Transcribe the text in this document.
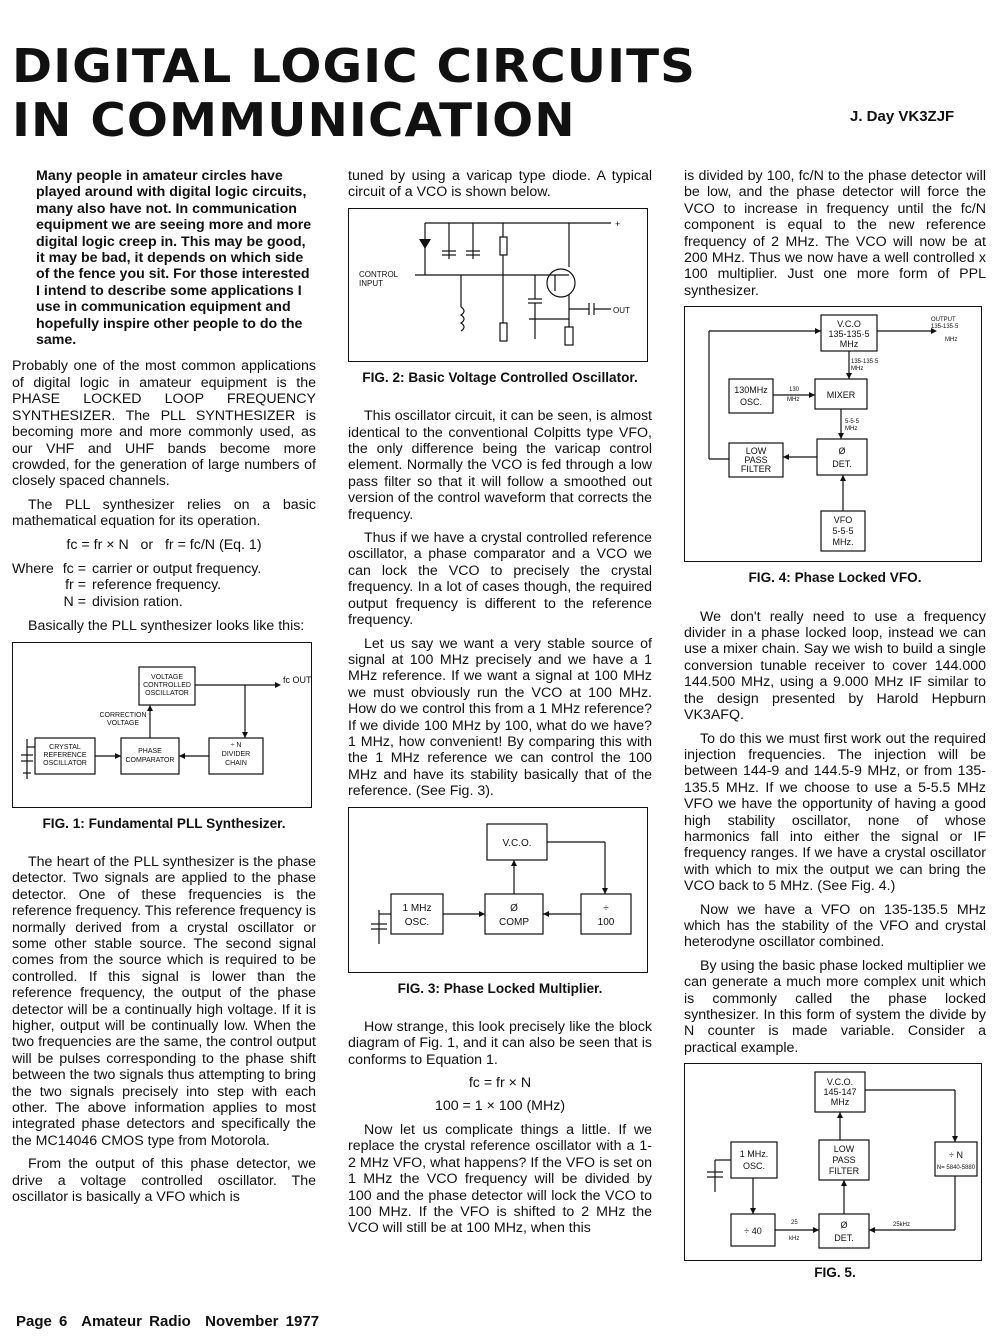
DIGITAL LOGIC CIRCUITS
IN COMMUNICATION	J. Day VK3ZJF

Many people in amateur circles have played around with digital logic circuits, many also have not. In communication equipment we are seeing more and more digital logic creep in. This may be good, it may be bad, it depends on which side of the fence you sit. For those interested I intend to describe some applications I use in communication equipment and hopefully inspire other people to do the same.

Probably one of the most common applications of digital logic in amateur equipment is the PHASE LOCKED LOOP FREQUENCY SYNTHESIZER. The PLL SYNTHESIZER is becoming more and more commonly used, as our VHF and UHF bands become more crowded, for the generation of large numbers of closely spaced channels.

The PLL synthesizer relies on a basic mathematical equation for its operation.

fc = fr × N   or   fr = fc/N (Eq. 1)

Where fc = carrier or output frequency.
fr = reference frequency.
N = division ration.

Basically the PLL synthesizer looks like this:

VOLTAGE
CONTROLLED
OSCILLATOR
CRYSTAL
REFERENCE
OSCILLATOR
PHASE
COMPARATOR
÷ N
DIVIDER
CHAIN
CORRECTION
VOLTAGE
fc OUT

FIG. 1: Fundamental PLL Synthesizer.

The heart of the PLL synthesizer is the phase detector. Two signals are applied to the phase detector. One of these frequencies is the reference frequency. This reference frequency is normally derived from a crystal oscillator or some other stable source. The second signal comes from the source which is required to be controlled. If this signal is lower than the reference frequency, the output of the phase detector will be a continually high voltage. If it is higher, output will be continually low. When the two frequencies are the same, the control output will be pulses corresponding to the phase shift between the two signals thus attempting to bring the two signals precisely into step with each other. The above information applies to most integrated phase detectors and specifically the the MC14046 CMOS type from Motorola.

From the output of this phase detector, we drive a voltage controlled oscillator. The oscillator is basically a VFO which is

tuned by using a varicap type diode. A typical circuit of a VCO is shown below.

CONTROL
INPUT
OUT
+

FIG. 2: Basic Voltage Controlled Oscillator.

This oscillator circuit, it can be seen, is almost identical to the conventional Colpitts type VFO, the only difference being the varicap control element. Normally the VCO is fed through a low pass filter so that it will follow a smoothed out version of the control waveform that corrects the frequency.

Thus if we have a crystal controlled reference oscillator, a phase comparator and a VCO we can lock the VCO to precisely the crystal frequency. In a lot of cases though, the required output frequency is different to the reference frequency.

Let us say we want a very stable source of signal at 100 MHz precisely and we have a 1 MHz reference. If we want a signal at 100 MHz we must obviously run the VCO at 100 MHz. How do we control this from a 1 MHz reference? If we divide 100 MHz by 100, what do we have? 1 MHz, how convenient! By comparing this with the 1 MHz reference we can control the 100 MHz and have its stability basically that of the reference. (See Fig. 3).

V.C.O.
1 MHz
OSC.
Ø
COMP
÷
100

FIG. 3: Phase Locked Multiplier.

How strange, this look precisely like the block diagram of Fig. 1, and it can also be seen that is conforms to Equation 1.

fc = fr × N

100 = 1 × 100 (MHz)

Now let us complicate things a little. If we replace the crystal reference oscillator with a 1-2 MHz VFO, what happens? If the VFO is set on 1 MHz the VCO frequency will be divided by 100 and the phase detector will lock the VCO to 100 MHz. If the VFO is shifted to 2 MHz the VCO will still be at 100 MHz, when this

is divided by 100, fc/N to the phase detector will be low, and the phase detector will force the VCO to increase in frequency until the fc/N component is equal to the new reference frequency of 2 MHz. The VCO will now be at 200 MHz. Thus we now have a well controlled x 100 multiplier. Just one more form of PPL synthesizer.

V.C.O
135-135·5
MHz
130MHz
OSC.
MIXER
LOW
PASS
FILTER
Ø
DET.
VFO
5-5·5
MHz.
OUTPUT
135-135·5
MHz
135-135·5
MHz
130
MHz
5-5·5
MHz

FIG. 4: Phase Locked VFO.

We don't really need to use a frequency divider in a phase locked loop, instead we can use a mixer chain. Say we wish to build a single conversion tunable receiver to cover 144.000 144.500 MHz, using a 9.000 MHz IF similar to the design presented by Harold Hepburn VK3AFQ.

To do this we must first work out the required injection frequencies. The injection will be between 144-9 and 144.5-9 MHz, or from 135-135.5 MHz. If we choose to use a 5-5.5 MHz VFO we have the opportunity of having a good high stability oscillator, none of whose harmonics fall into either the signal or IF frequency ranges. If we have a crystal oscillator with which to mix the output we can bring the VCO back to 5 MHz. (See Fig. 4.)

Now we have a VFO on 135-135.5 MHz which has the stability of the VFO and crystal heterodyne oscillator combined.

By using the basic phase locked multiplier we can generate a much more complex unit which is commonly called the phase locked synthesizer. In this form of system the divide by N counter is made variable. Consider a practical example.

V.C.O.
145-147
MHz
1 MHz.
OSC.
LOW
PASS
FILTER
÷ N
÷ 40
Ø
DET.
N= 5840-5880
25
kHz
25kHz

FIG. 5.

Page 6  Amateur Radio  November 1977
